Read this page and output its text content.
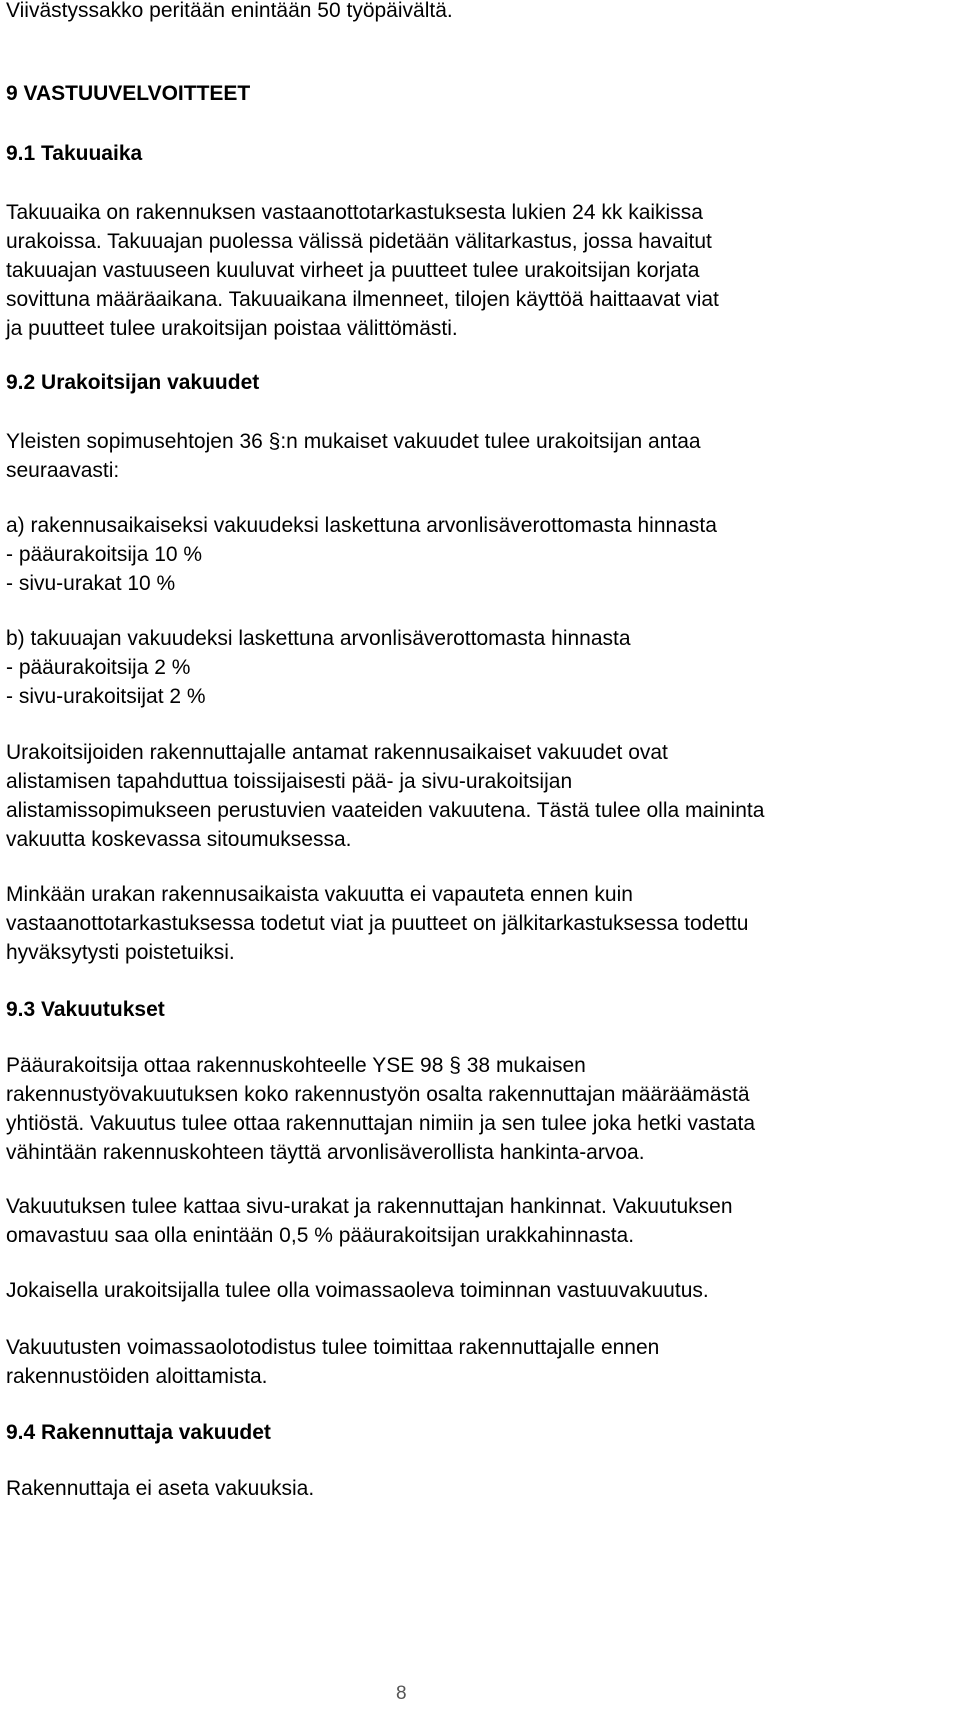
Viivästyssakko peritään enintään 50 työpäivältä.
9 VASTUUVELVOITTEET
9.1 Takuuaika
Takuuaika on rakennuksen vastaanottotarkastuksesta lukien 24 kk kaikissa
urakoissa. Takuuajan puolessa välissä pidetään välitarkastus, jossa havaitut
takuuajan vastuuseen kuuluvat virheet ja puutteet tulee urakoitsijan korjata
sovittuna määräaikana. Takuuaikana ilmenneet, tilojen käyttöä haittaavat viat
ja puutteet tulee urakoitsijan poistaa välittömästi.
9.2 Urakoitsijan vakuudet
Yleisten sopimusehtojen 36 §:n mukaiset vakuudet tulee urakoitsijan antaa
seuraavasti:
a) rakennusaikaiseksi vakuudeksi laskettuna arvonlisäverottomasta hinnasta
- pääurakoitsija 10 %
- sivu-urakat 10 %
b) takuuajan vakuudeksi laskettuna arvonlisäverottomasta hinnasta
- pääurakoitsija 2 %
- sivu-urakoitsijat 2 %
Urakoitsijoiden rakennuttajalle antamat rakennusaikaiset vakuudet ovat
alistamisen tapahduttua toissijaisesti pää- ja sivu-urakoitsijan
alistamissopimukseen perustuvien vaateiden vakuutena. Tästä tulee olla maininta
vakuutta koskevassa sitoumuksessa.
Minkään urakan rakennusaikaista vakuutta ei vapauteta ennen kuin
vastaanottotarkastuksessa todetut viat ja puutteet on jälkitarkastuksessa todettu
hyväksytysti poistetuiksi.
9.3 Vakuutukset
Pääurakoitsija ottaa rakennuskohteelle YSE 98 § 38 mukaisen
rakennustyövakuutuksen koko rakennustyön osalta rakennuttajan määräämästä
yhtiöstä. Vakuutus tulee ottaa rakennuttajan nimiin ja sen tulee joka hetki vastata
vähintään rakennuskohteen täyttä arvonlisäverollista hankinta-arvoa.
Vakuutuksen tulee kattaa sivu-urakat ja rakennuttajan hankinnat. Vakuutuksen
omavastuu saa olla enintään 0,5 % pääurakoitsijan urakkahinnasta.
Jokaisella urakoitsijalla tulee olla voimassaoleva toiminnan vastuuvakuutus.
Vakuutusten voimassaolotodistus tulee toimittaa rakennuttajalle ennen
rakennustöiden aloittamista.
9.4 Rakennuttaja vakuudet
Rakennuttaja ei aseta vakuuksia.
8
